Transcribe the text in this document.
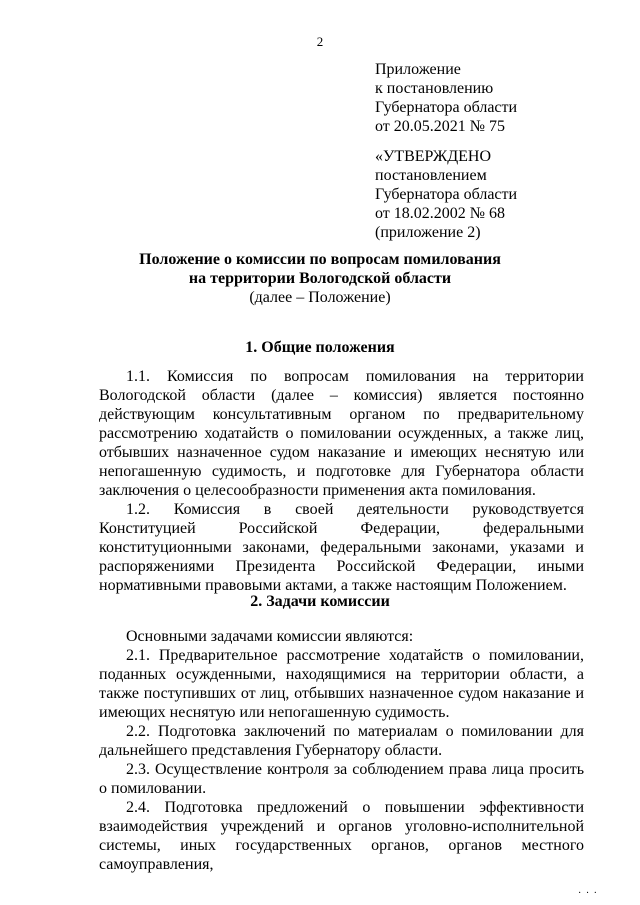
2
Приложение
к постановлению
Губернатора области
от 20.05.2021 № 75
«УТВЕРЖДЕНО
постановлением
Губернатора области
от 18.02.2002 № 68
(приложение 2)
Положение о комиссии по вопросам помилования
на территории Вологодской области
(далее – Положение)
1. Общие положения

1.1. Комиссия по вопросам помилования на территории Вологодской области (далее – комиссия) является постоянно действующим консультативным органом по предварительному рассмотрению ходатайств о помиловании осужденных, а также лиц, отбывших назначенное судом наказание и имеющих неснятую или непогашенную судимость, и подготовке для Губернатора области заключения о целесообразности применения акта помилования.

1.2. Комиссия в своей деятельности руководствуется Конституцией Российской Федерации, федеральными конституционными законами, федеральными законами, указами и распоряжениями Президента Российской Федерации, иными нормативными правовыми актами, а также настоящим Положением.

2. Задачи комиссии

Основными задачами комиссии являются:

2.1. Предварительное рассмотрение ходатайств о помиловании, поданных осужденными, находящимися на территории области, а также поступивших от лиц, отбывших назначенное судом наказание и имеющих неснятую или непогашенную судимость.

2.2. Подготовка заключений по материалам о помиловании для дальнейшего представления Губернатору области.

2.3. Осуществление контроля за соблюдением права лица просить о помиловании.

2.4. Подготовка предложений о повышении эффективности взаимодействия учреждений и органов уголовно-исполнительной системы, иных государственных органов, органов местного самоуправления,

· · ·
